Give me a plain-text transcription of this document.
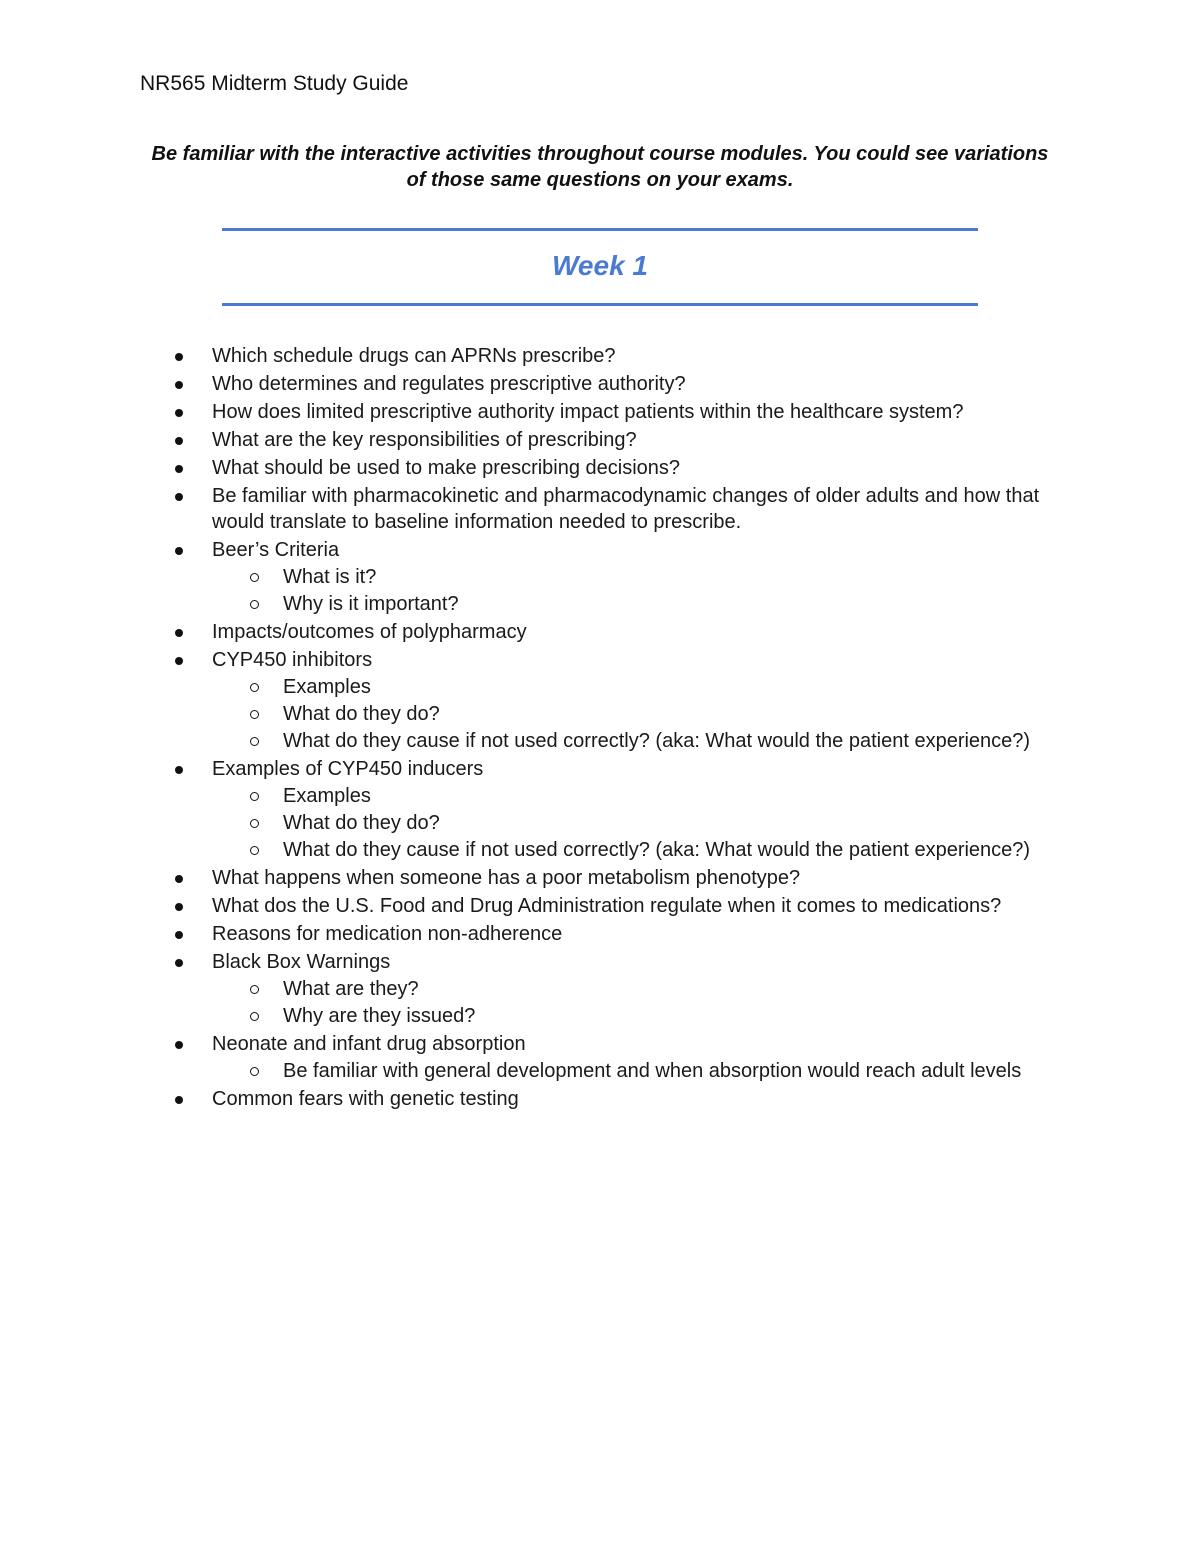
NR565 Midterm Study Guide

Be familiar with the interactive activities throughout course modules. You could see variations of those same questions on your exams.

Week 1
Which schedule drugs can APRNs prescribe?
Who determines and regulates prescriptive authority?
How does limited prescriptive authority impact patients within the healthcare system?
What are the key responsibilities of prescribing?
What should be used to make prescribing decisions?
Be familiar with pharmacokinetic and pharmacodynamic changes of older adults and how that would translate to baseline information needed to prescribe.
Beer’s Criteria
What is it?
Why is it important?
Impacts/outcomes of polypharmacy
CYP450 inhibitors
Examples
What do they do?
What do they cause if not used correctly? (aka: What would the patient experience?)
Examples of CYP450 inducers
Examples
What do they do?
What do they cause if not used correctly? (aka: What would the patient experience?)
What happens when someone has a poor metabolism phenotype?
What dos the U.S. Food and Drug Administration regulate when it comes to medications?
Reasons for medication non-adherence
Black Box Warnings
What are they?
Why are they issued?
Neonate and infant drug absorption
Be familiar with general development and when absorption would reach adult levels
Common fears with genetic testing
